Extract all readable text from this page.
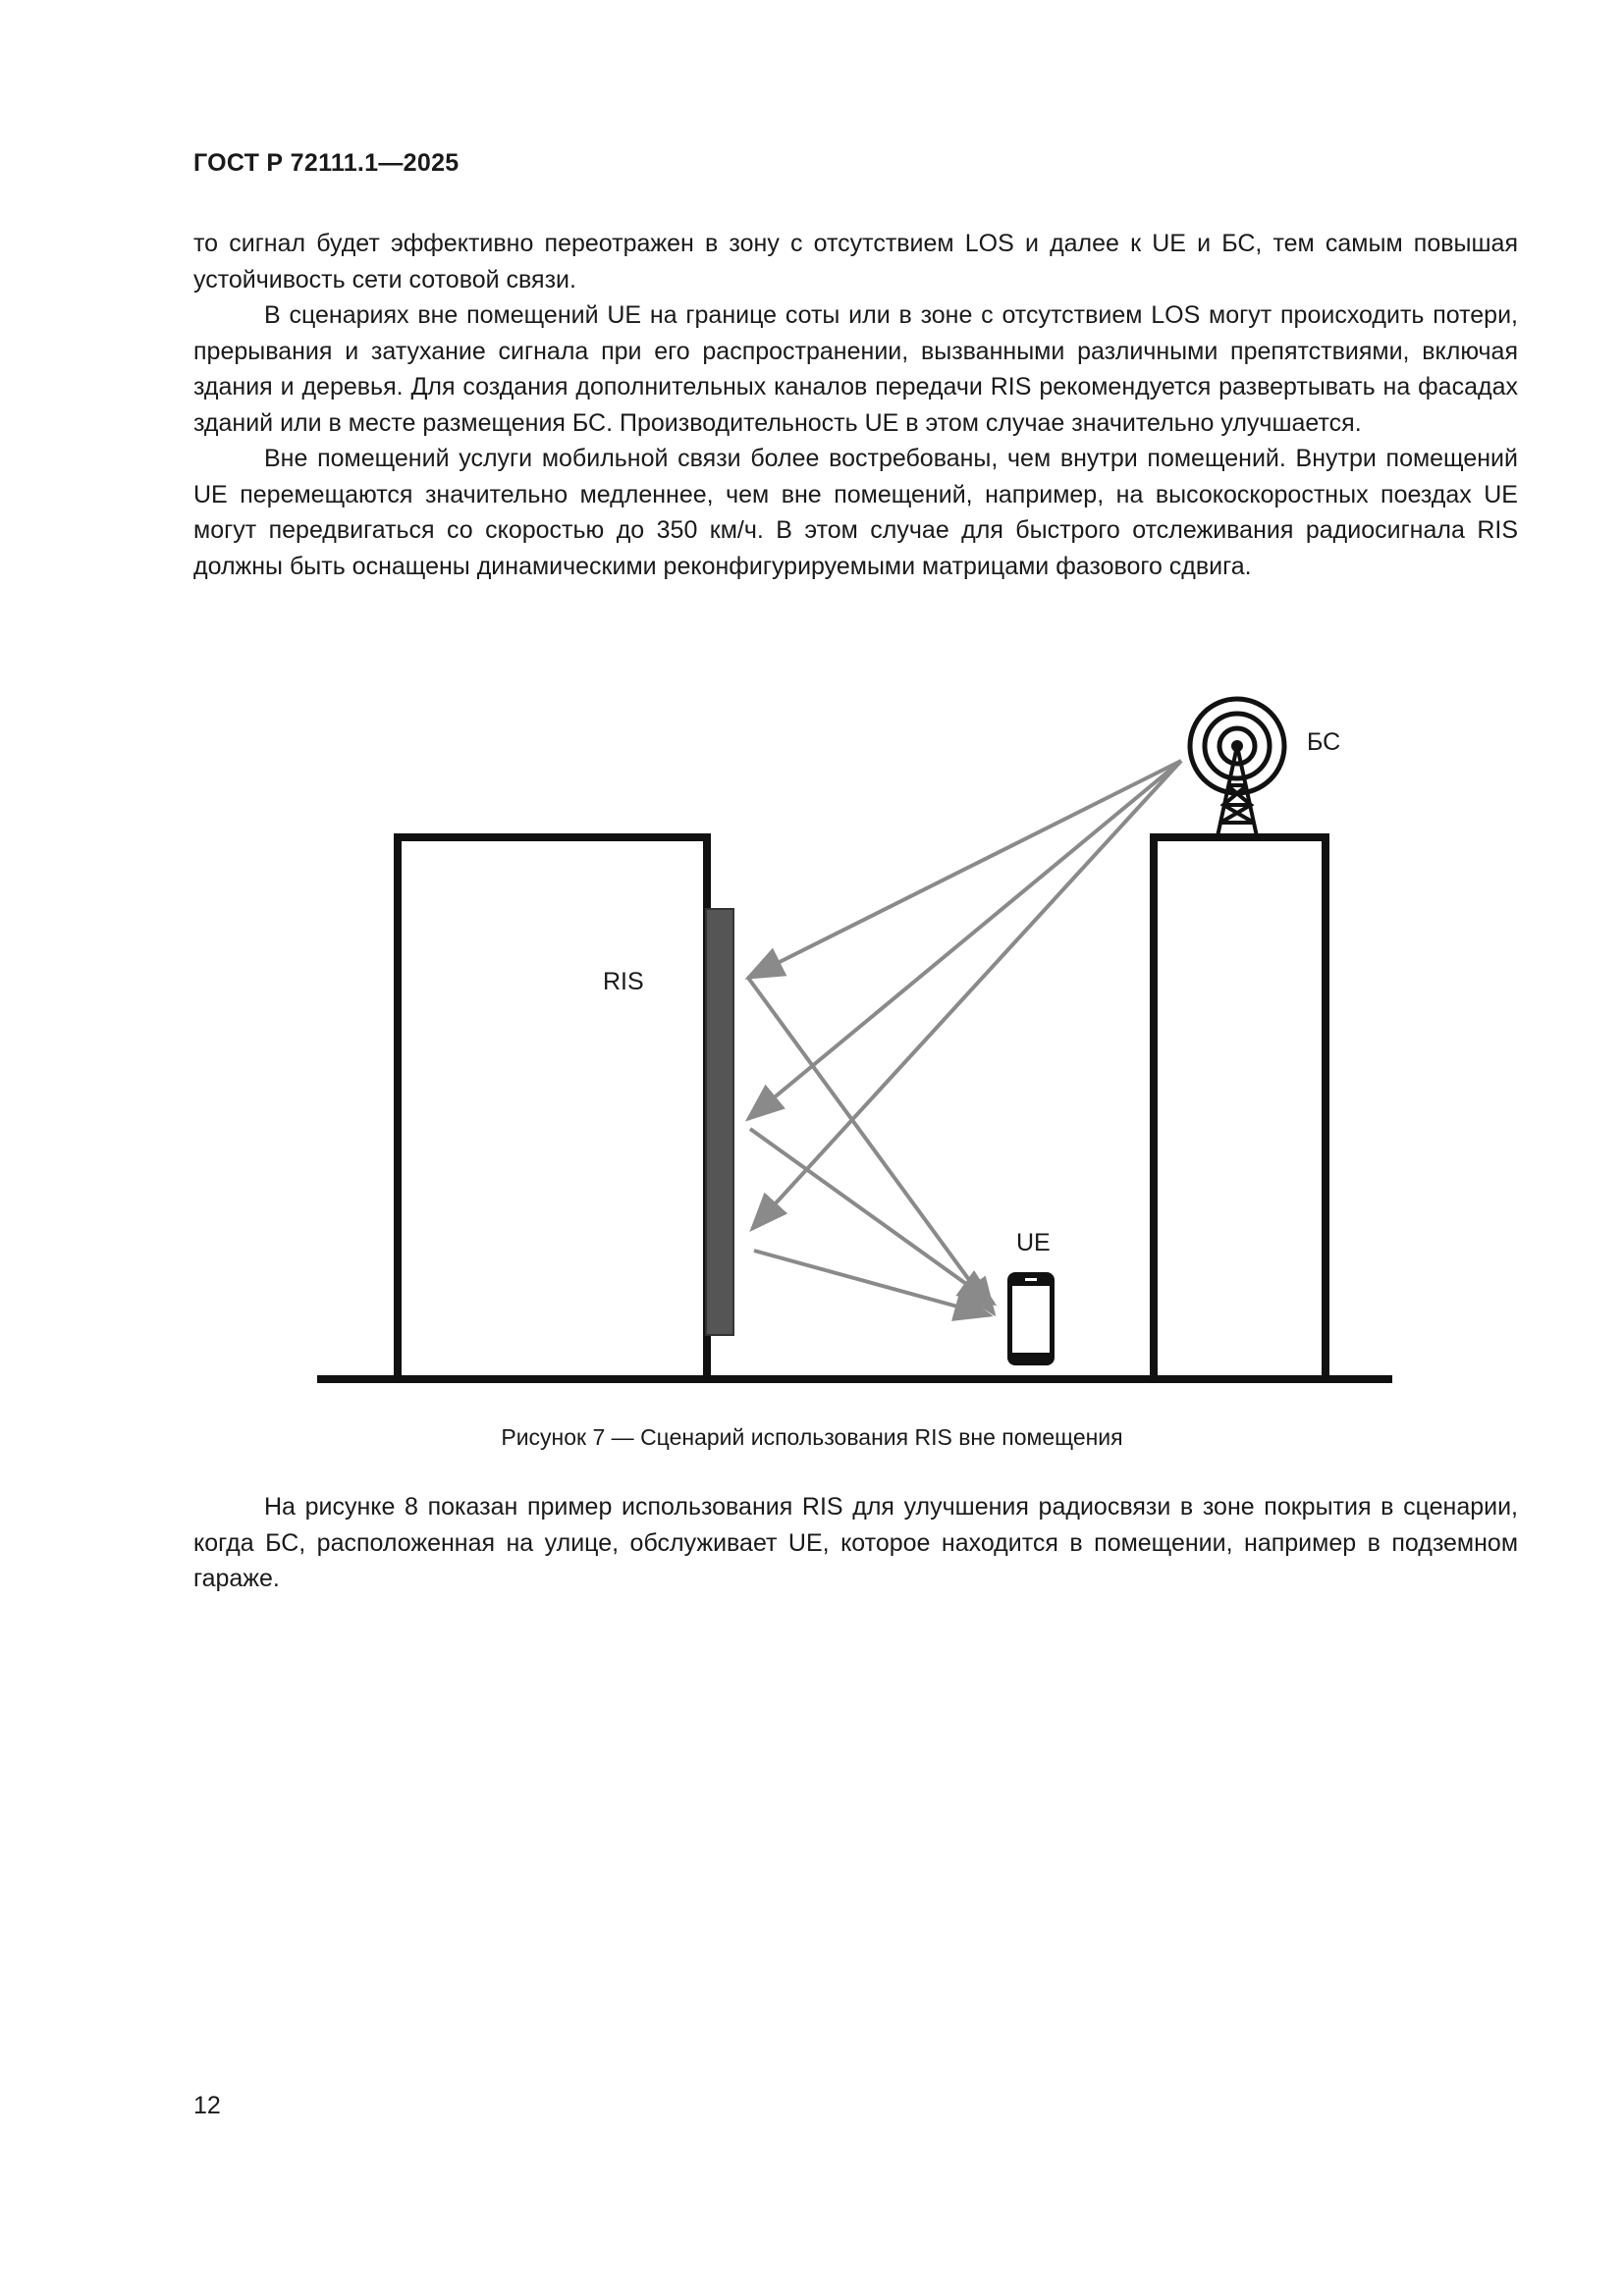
ГОСТ Р 72111.1—2025

то сигнал будет эффективно переотражен в зону с отсутствием LOS и далее к UE и БС, тем самым повышая устойчивость сети сотовой связи.

В сценариях вне помещений UE на границе соты или в зоне с отсутствием LOS могут происходить потери, прерывания и затухание сигнала при его распространении, вызванными различными препятствиями, включая здания и деревья. Для создания дополнительных каналов передачи RIS рекомендуется развертывать на фасадах зданий или в месте размещения БС. Производительность UE в этом случае значительно улучшается.

Вне помещений услуги мобильной связи более востребованы, чем внутри помещений. Внутри помещений UE перемещаются значительно медленнее, чем вне помещений, например, на высокоскоростных поездах UE могут передвигаться со скоростью до 350 км/ч. В этом случае для быстрого отслеживания радиосигнала RIS должны быть оснащены динамическими реконфигурируемыми матрицами фазового сдвига.

RIS
БС
UE
Рисунок 7 — Сценарий использования RIS вне помещения

На рисунке 8 показан пример использования RIS для улучшения радиосвязи в зоне покрытия в сценарии, когда БС, расположенная на улице, обслуживает UE, которое находится в помещении, например в подземном гараже.

12
